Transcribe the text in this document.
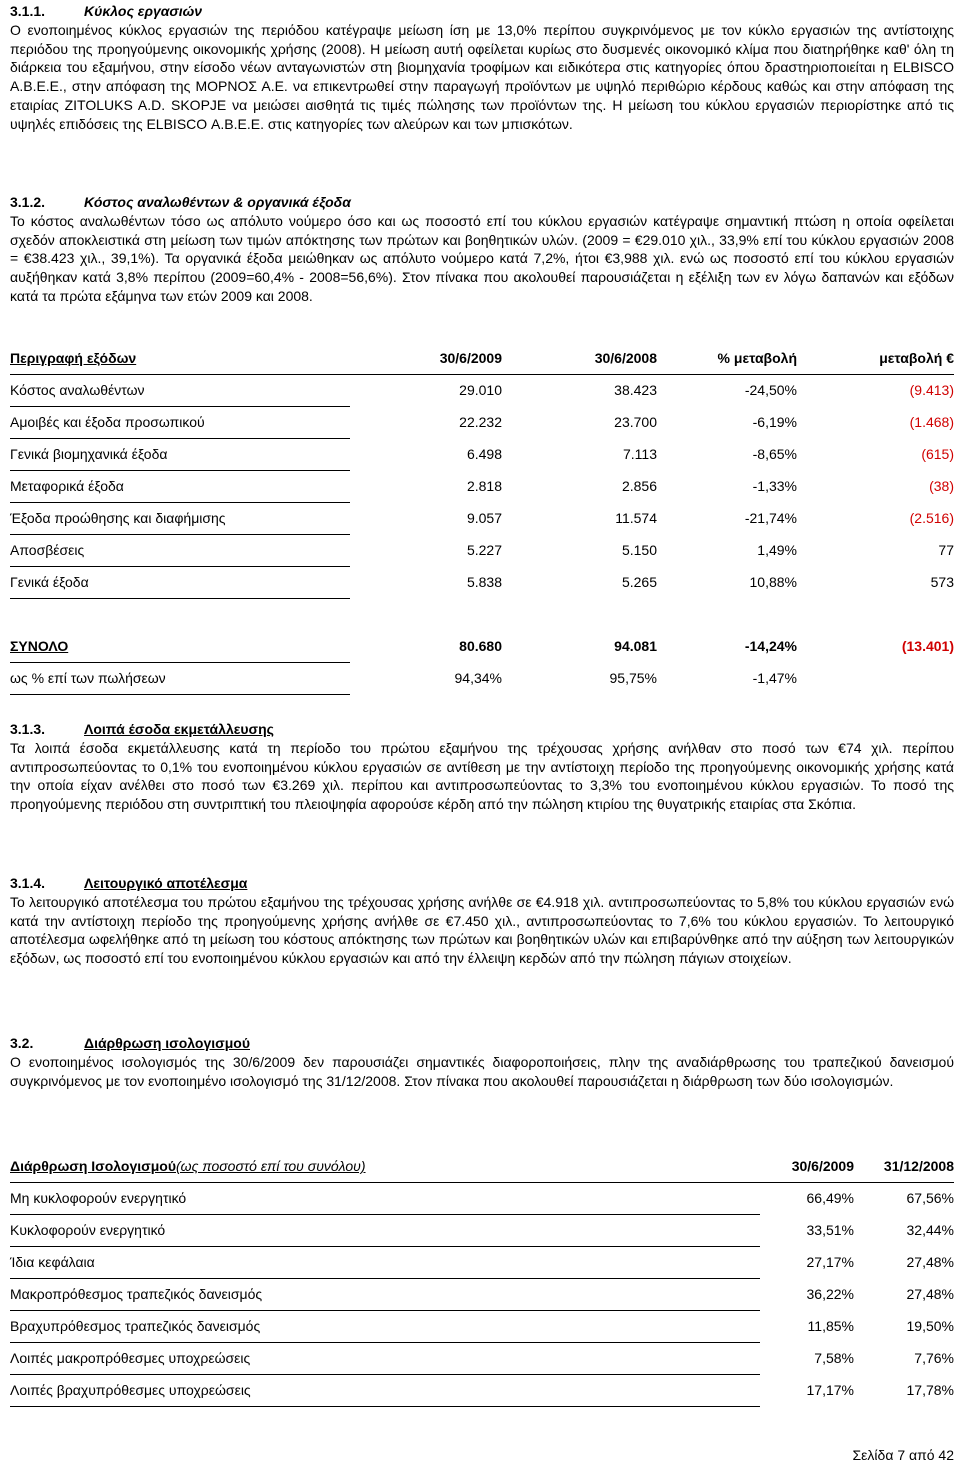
3.1.1.	Κύκλος εργασιών

Ο ενοποιημένος κύκλος εργασιών της περιόδου κατέγραψε μείωση ίση με 13,0% περίπου συγκρινόμενος με τον κύκλο εργασιών της αντίστοιχης περιόδου της προηγούμενης οικονομικής χρήσης (2008). Η μείωση αυτή οφείλεται κυρίως στο δυσμενές οικονομικό κλίμα που διατηρήθηκε καθ' όλη τη διάρκεια του εξαμήνου, στην είσοδο νέων ανταγωνιστών στη βιομηχανία τροφίμων και ειδικότερα στις κατηγορίες όπου δραστηριοποιείται η ELBISCO Α.Β.Ε.Ε., στην απόφαση της ΜΟΡΝΟΣ Α.Ε. να επικεντρωθεί στην παραγωγή προϊόντων με υψηλό περιθώριο κέρδους καθώς και στην απόφαση της εταιρίας ZITOLUKS A.D. SKOPJE να μειώσει αισθητά τις τιμές πώλησης των προϊόντων της. Η μείωση του κύκλου εργασιών περιορίστηκε από τις υψηλές επιδόσεις της ELBISCO Α.Β.Ε.Ε. στις κατηγορίες των αλεύρων και των μπισκότων.

3.1.2.	Κόστος αναλωθέντων & οργανικά έξοδα

Το κόστος αναλωθέντων τόσο ως απόλυτο νούμερο όσο και ως ποσοστό επί του κύκλου εργασιών κατέγραψε σημαντική πτώση η οποία οφείλεται σχεδόν αποκλειστικά στη μείωση των τιμών απόκτησης των πρώτων και βοηθητικών υλών. (2009 = €29.010 χιλ., 33,9% επί του κύκλου εργασιών 2008 = €38.423 χιλ., 39,1%). Τα οργανικά έξοδα μειώθηκαν ως απόλυτο νούμερο κατά 7,2%, ήτοι €3,988 χιλ. ενώ ως ποσοστό επί του κύκλου εργασιών αυξήθηκαν κατά 3,8% περίπου (2009=60,4% - 2008=56,6%). Στον πίνακα που ακολουθεί παρουσιάζεται η εξέλιξη των εν λόγω δαπανών και εξόδων κατά τα πρώτα εξάμηνα των ετών 2009 και 2008.

Περιγραφή εξόδων	30/6/2009	30/6/2008	% μεταβολή	μεταβολή €
Κόστος αναλωθέντων	29.010	38.423	-24,50%	(9.413)
Αμοιβές και έξοδα προσωπικού	22.232	23.700	-6,19%	(1.468)
Γενικά βιομηχανικά έξοδα	6.498	7.113	-8,65%	(615)
Μεταφορικά έξοδα	2.818	2.856	-1,33%	(38)
Έξοδα προώθησης και διαφήμισης	9.057	11.574	-21,74%	(2.516)
Αποσβέσεις	5.227	5.150	1,49%	77
Γενικά έξοδα	5.838	5.265	10,88%	573

ΣΥΝΟΛΟ	80.680	94.081	-14,24%	(13.401)
ως % επί των πωλήσεων	94,34%	95,75%	-1,47%	
3.1.3.	Λοιπά έσοδα εκμετάλλευσης

Τα λοιπά έσοδα εκμετάλλευσης κατά τη περίοδο του πρώτου εξαμήνου της τρέχουσας χρήσης ανήλθαν στο ποσό των €74 χιλ. περίπου αντιπροσωπεύοντας το 0,1% του ενοποιημένου κύκλου εργασιών σε αντίθεση με την αντίστοιχη περίοδο της προηγούμενης οικονομικής χρήσης κατά την οποία είχαν ανέλθει στο ποσό των €3.269 χιλ. περίπου και αντιπροσωπεύοντας το 3,3% του ενοποιημένου κύκλου εργασιών. Το ποσό της προηγούμενης περιόδου στη συντριπτική του πλειοψηφία αφορούσε κέρδη από την πώληση κτιρίου της θυγατρικής εταιρίας στα Σκόπια.

3.1.4.	Λειτουργικό αποτέλεσμα

Το λειτουργικό αποτέλεσμα του πρώτου εξαμήνου της τρέχουσας χρήσης ανήλθε σε €4.918 χιλ. αντιπροσωπεύοντας το 5,8% του κύκλου εργασιών ενώ κατά την αντίστοιχη περίοδο της προηγούμενης χρήσης ανήλθε σε €7.450 χιλ., αντιπροσωπεύοντας το 7,6% του κύκλου εργασιών. Το λειτουργικό αποτέλεσμα ωφελήθηκε από τη μείωση του κόστους απόκτησης των πρώτων και βοηθητικών υλών και επιβαρύνθηκε από την αύξηση των λειτουργικών εξόδων, ως ποσοστό επί του ενοποιημένου κύκλου εργασιών και από την έλλειψη κερδών από την πώληση πάγιων στοιχείων.

3.2.	Διάρθρωση ισολογισμού

Ο ενοποιημένος ισολογισμός της 30/6/2009 δεν παρουσιάζει σημαντικές διαφοροποιήσεις, πλην της αναδιάρθρωσης του τραπεζικού δανεισμού συγκρινόμενος με τον ενοποιημένο ισολογισμό της 31/12/2008. Στον πίνακα που ακολουθεί παρουσιάζεται η διάρθρωση των δύο ισολογισμών.

Διάρθρωση Ισολογισμού(ως ποσοστό επί του συνόλου)	30/6/2009	31/12/2008
Μη κυκλοφορούν ενεργητικό	66,49%	67,56%
Κυκλοφορούν ενεργητικό	33,51%	32,44%
Ίδια κεφάλαια	27,17%	27,48%
Μακροπρόθεσμος τραπεζικός δανεισμός	36,22%	27,48%
Βραχυπρόθεσμος τραπεζικός δανεισμός	11,85%	19,50%
Λοιπές μακροπρόθεσμες υποχρεώσεις	7,58%	7,76%
Λοιπές βραχυπρόθεσμες υποχρεώσεις	17,17%	17,78%
Σελίδα 7 από 42
